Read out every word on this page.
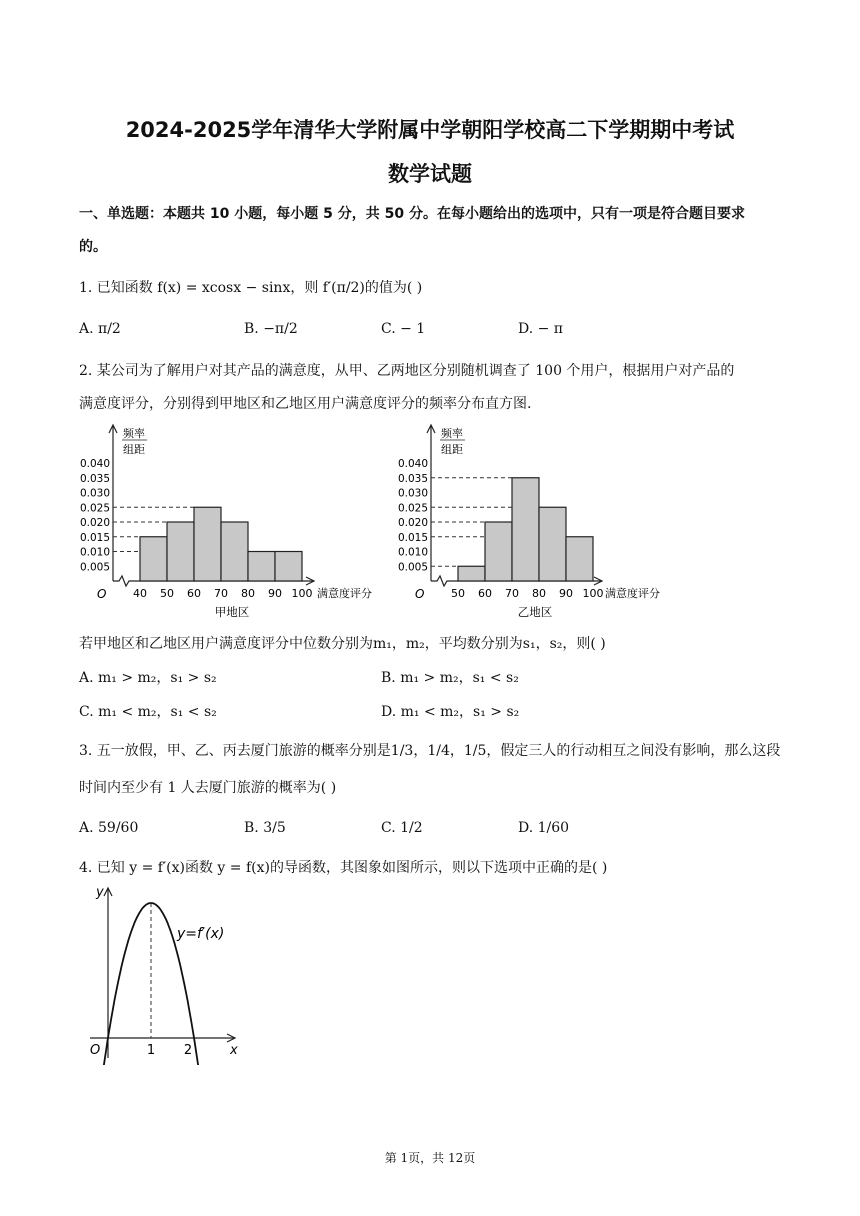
2024-2025学年清华大学附属中学朝阳学校高二下学期期中考试
数学试题
一、单选题：本题共 10 小题，每小题 5 分，共 50 分。在每小题给出的选项中，只有一项是符合题目要求
的。
1. 已知函数 f(x) = xcosx − sinx，则 f′(π/2)的值为( )
A. π/2	B. −π/2	C. − 1	D. − π
2. 某公司为了解用户对其产品的满意度，从甲、乙两地区分别随机调查了 100 个用户，根据用户对产品的
满意度评分，分别得到甲地区和乙地区用户满意度评分的频率分布直方图.
频率
组距
0.005
0.010
0.015
0.020
0.025
0.030
0.035
0.040
40 50 60 70 80 90 100
O	满意度评分
甲地区
频率
组距
0.005
0.010
0.015
0.020
0.025
0.030
0.035
0.040
50 60 70 80 90 100
O	满意度评分
乙地区
若甲地区和乙地区用户满意度评分中位数分别为m₁，m₂，平均数分别为s₁，s₂，则( )
A. m₁ > m₂，s₁ > s₂	B. m₁ > m₂，s₁ < s₂
C. m₁ < m₂，s₁ < s₂	D. m₁ < m₂，s₁ > s₂
3. 五一放假，甲、乙、丙去厦门旅游的概率分别是1/3，1/4，1/5，假定三人的行动相互之间没有影响，那么这段
时间内至少有 1 人去厦门旅游的概率为( )
A. 59/60	B. 3/5	C. 1/2	D. 1/60
4. 已知 y = f′(x)函数 y = f(x)的导函数，其图象如图所示，则以下选项中正确的是( )
1 2
O	x
y
y=f′(x)
第 1页，共 12页
